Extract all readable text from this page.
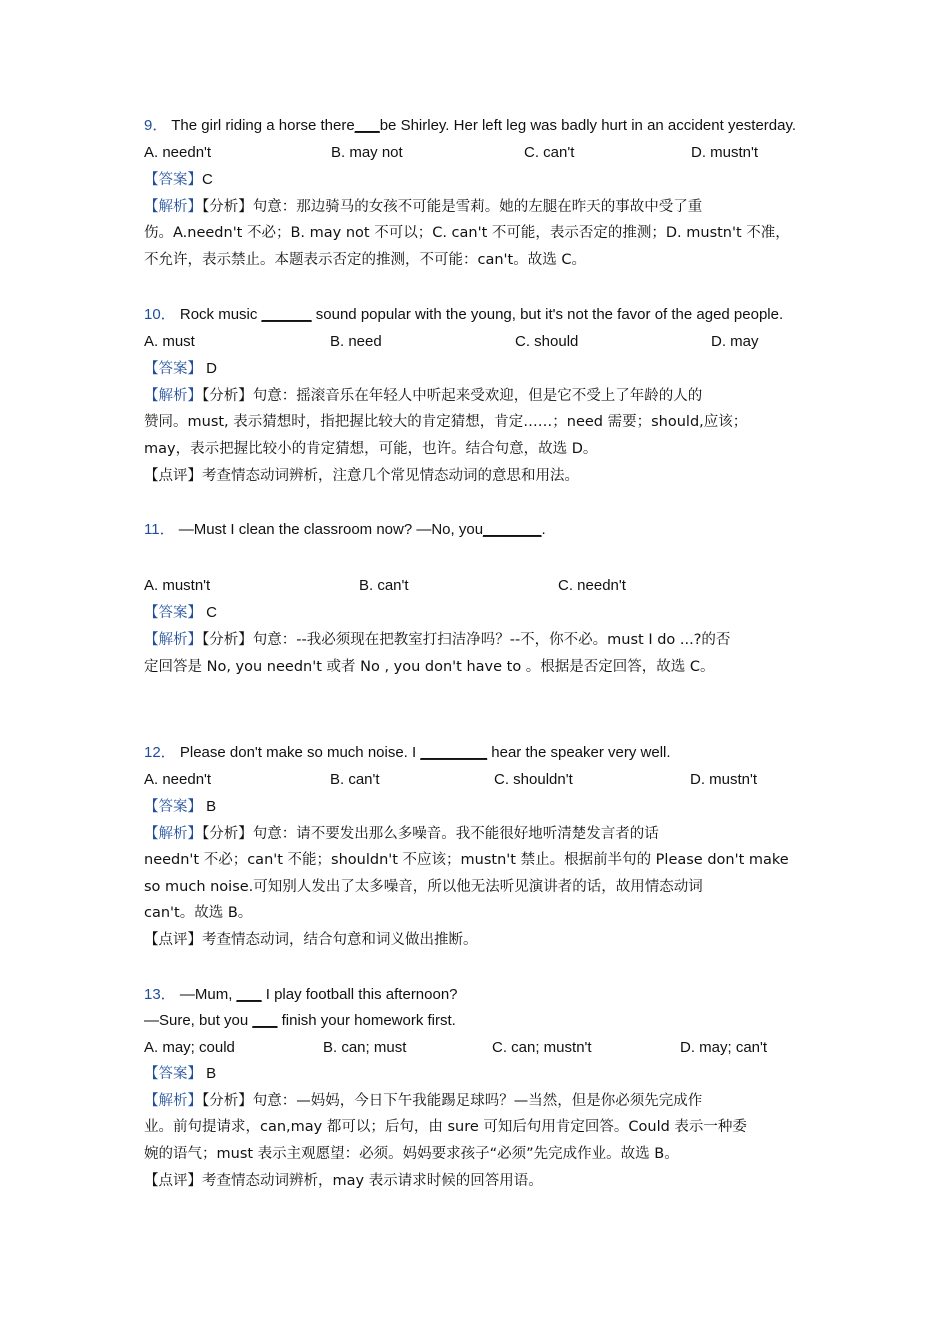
9． The girl riding a horse there___be Shirley. Her left leg was badly hurt in an accident yesterday.
A. needn't	B. may not	C. can't	D. mustn't
【答案】C
【解析】【分析】句意：那边骑马的女孩不可能是雪莉。她的左腿在昨天的事故中受了重
伤。A.needn't 不必；B. may not 不可以；C. can't 不可能，表示否定的推测；D. mustn't 不准，
不允许，表示禁止。本题表示否定的推测，不可能：can't。故选 C。
10． Rock music ______ sound popular with the young, but it's not the favor of the aged people.
A. must	B. need	C. should	D. may
【答案】 D
【解析】【分析】句意：摇滚音乐在年轻人中听起来受欢迎，但是它不受上了年龄的人的
赞同。must, 表示猜想时，指把握比较大的肯定猜想，肯定……；need 需要；should,应该；
may，表示把握比较小的肯定猜想，可能，也许。结合句意，故选 D。
【点评】考查情态动词辨析，注意几个常见情态动词的意思和用法。
11． —Must I clean the classroom now? —No, you_______.
A. mustn't	B. can't	C. needn't
【答案】 C
【解析】【分析】句意：--我必须现在把教室打扫洁净吗？--不，你不必。must I do ...?的否
定回答是 No, you needn't 或者 No , you don't have to 。根据是否定回答，故选 C。
12． Please don't make so much noise. I ________ hear the speaker very well.
A. needn't	B. can't	C. shouldn't	D. mustn't
【答案】 B
【解析】【分析】句意：请不要发出那么多噪音。我不能很好地听清楚发言者的话
needn't 不必；can't 不能；shouldn't 不应该；mustn't 禁止。根据前半句的 Please don't make
so much noise.可知别人发出了太多噪音，所以他无法听见演讲者的话，故用情态动词
can't。故选 B。
【点评】考查情态动词，结合句意和词义做出推断。
13． —Mum, ___ I play football this afternoon?
—Sure, but you ___ finish your homework first.
A. may; could	B. can; must	C. can; mustn't	D. may; can't
【答案】 B
【解析】【分析】句意：—妈妈，今日下午我能踢足球吗？—当然，但是你必须先完成作
业。前句提请求，can,may 都可以；后句，由 sure 可知后句用肯定回答。Could 表示一种委
婉的语气；must 表示主观愿望：必须。妈妈要求孩子“必须”先完成作业。故选 B。
【点评】考查情态动词辨析，may 表示请求时候的回答用语。
